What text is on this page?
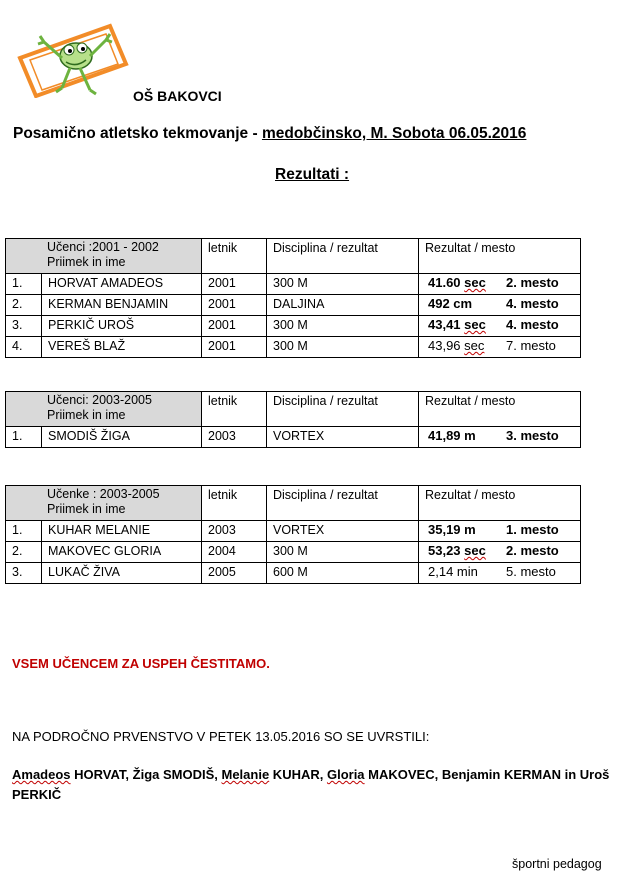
OŠ BAKOVCI
Posamično atletsko tekmovanje - medobčinsko, M. Sobota 06.05.2016
Rezultati :
Učenci :2001 - 2002
Priimek in ime		letnik	Disciplina / rezultat	Rezultat / mesto
1.	HORVAT AMADEOS	2001	300 M	41.60 sec 2. mesto
2.	KERMAN BENJAMIN	2001	DALJINA	492 cm 4. mesto
3.	PERKIČ UROŠ	2001	300 M	43,41 sec 4. mesto
4.	VEREŠ BLAŽ	2001	300 M	43,96 sec 7. mesto
Učenci: 2003-2005
Priimek in ime		letnik	Disciplina / rezultat	Rezultat / mesto
1.	SMODIŠ ŽIGA	2003	VORTEX	41,89 m 3. mesto
Učenke : 2003-2005
Priimek in ime		letnik	Disciplina / rezultat	Rezultat / mesto
1.	KUHAR MELANIE	2003	VORTEX	35,19 m 1. mesto
2.	MAKOVEC GLORIA	2004	300 M	53,23 sec 2. mesto
3.	LUKAČ ŽIVA	2005	600 M	2,14 min 5. mesto
VSEM UČENCEM ZA USPEH ČESTITAMO.
NA PODROČNO PRVENSTVO V PETEK 13.05.2016 SO SE UVRSTILI:
Amadeos HORVAT, Žiga SMODIŠ, Melanie KUHAR, Gloria MAKOVEC, Benjamin KERMAN in Uroš PERKIČ
športni pedagog
